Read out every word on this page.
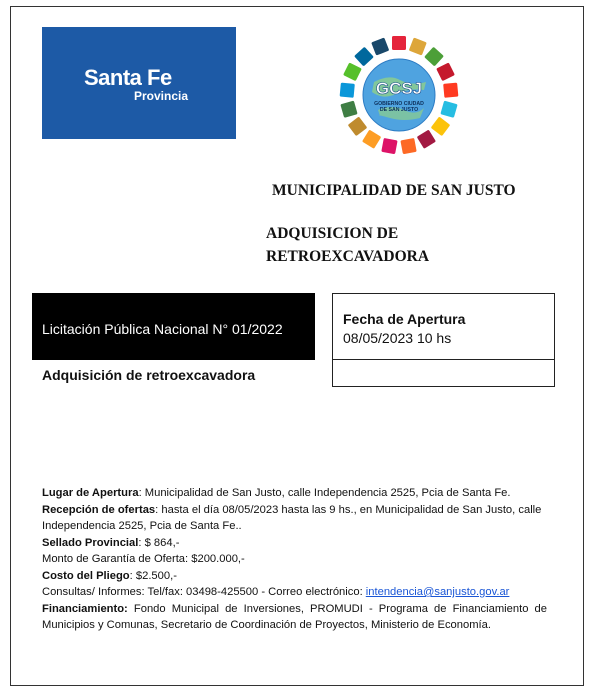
Santa Fe
Provincia	GCSJ
GOBIERNO CIUDAD
DE SAN JUSTO
MUNICIPALIDAD DE SAN JUSTO
ADQUISICION DE
RETROEXCAVADORA
Licitación Pública Nacional N° 01/2022
Adquisición de retroexcavadora
Fecha de Apertura
08/05/2023 10 hs

Lugar de Apertura: Municipalidad de San Justo, calle Independencia 2525, Pcia de Santa Fe.

Recepción de ofertas: hasta el día 08/05/2023 hasta las 9 hs., en Municipalidad de San Justo, calle Independencia 2525, Pcia de Santa Fe..

Sellado Provincial: $ 864,-

Monto de Garantía de Oferta: $200.000,-

Costo del Pliego: $2.500,-

Consultas/ Informes: Tel/fax: 03498-425500 - Correo electrónico: intendencia@sanjusto.gov.ar

Financiamiento: Fondo Municipal de Inversiones, PROMUDI - Programa de Financiamiento de Municipios y Comunas, Secretario de Coordinación de Proyectos, Ministerio de Economía.
